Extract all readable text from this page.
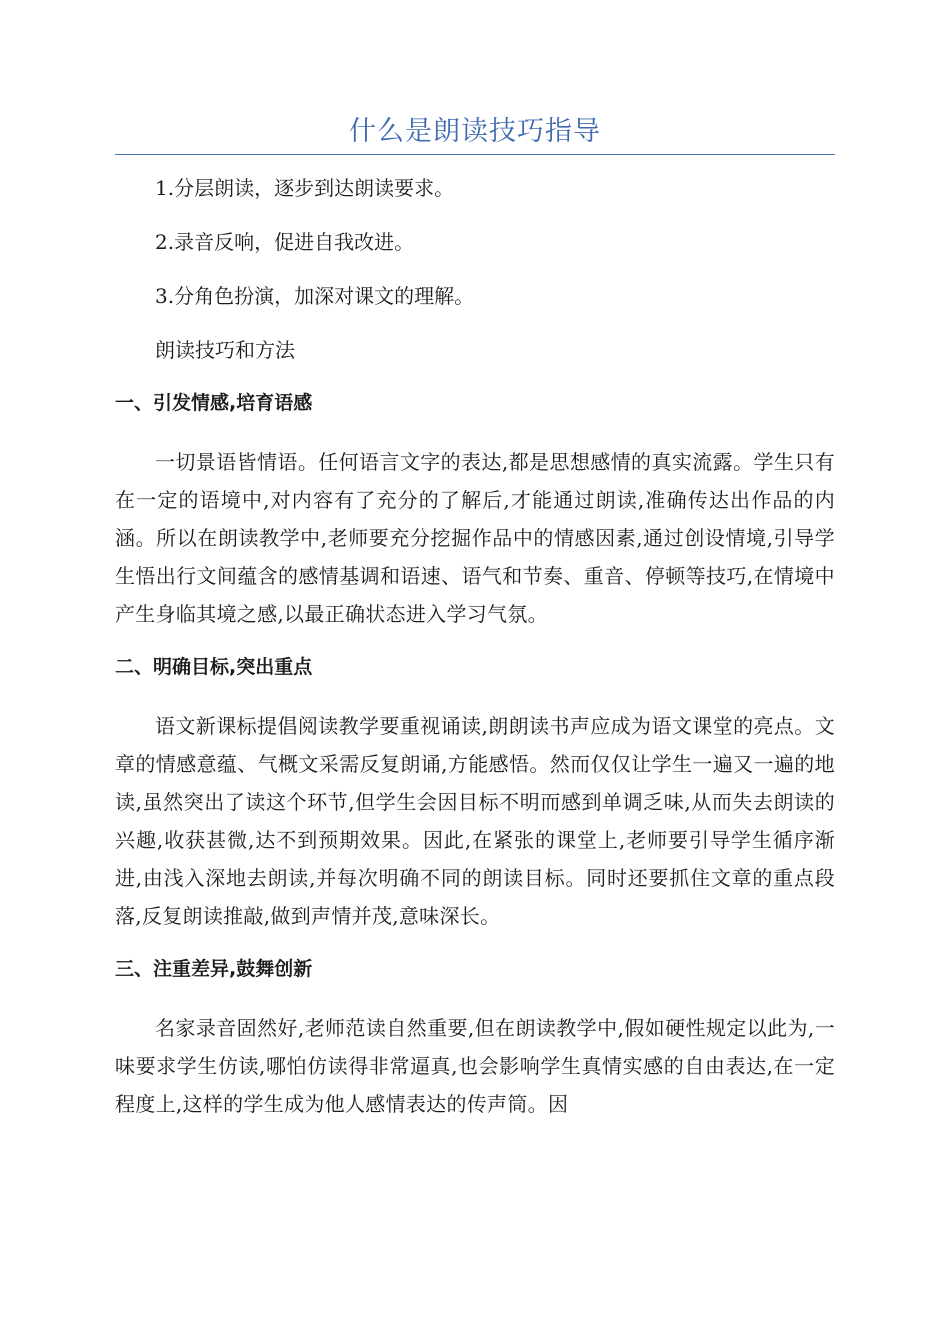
什么是朗读技巧指导

1.分层朗读，逐步到达朗读要求。

2.录音反响，促进自我改进。

3.分角色扮演，加深对课文的理解。

朗读技巧和方法

一、引发情感,培育语感

一切景语皆情语。任何语言文字的表达,都是思想感情的真实流露。学生只有在一定的语境中,对内容有了充分的了解后,才能通过朗读,准确传达出作品的内涵。所以在朗读教学中,老师要充分挖掘作品中的情感因素,通过创设情境,引导学生悟出行文间蕴含的感情基调和语速、语气和节奏、重音、停顿等技巧,在情境中产生身临其境之感,以最正确状态进入学习气氛。

二、明确目标,突出重点

语文新课标提倡阅读教学要重视诵读,朗朗读书声应成为语文课堂的亮点。文章的情感意蕴、气概文采需反复朗诵,方能感悟。然而仅仅让学生一遍又一遍的地读,虽然突出了读这个环节,但学生会因目标不明而感到单调乏味,从而失去朗读的兴趣,收获甚微,达不到预期效果。因此,在紧张的课堂上,老师要引导学生循序渐进,由浅入深地去朗读,并每次明确不同的朗读目标。同时还要抓住文章的重点段落,反复朗读推敲,做到声情并茂,意味深长。

三、注重差异,鼓舞创新

名家录音固然好,老师范读自然重要,但在朗读教学中,假如硬性规定以此为,一味要求学生仿读,哪怕仿读得非常逼真,也会影响学生真情实感的自由表达,在一定程度上,这样的学生成为他人感情表达的传声筒。因
